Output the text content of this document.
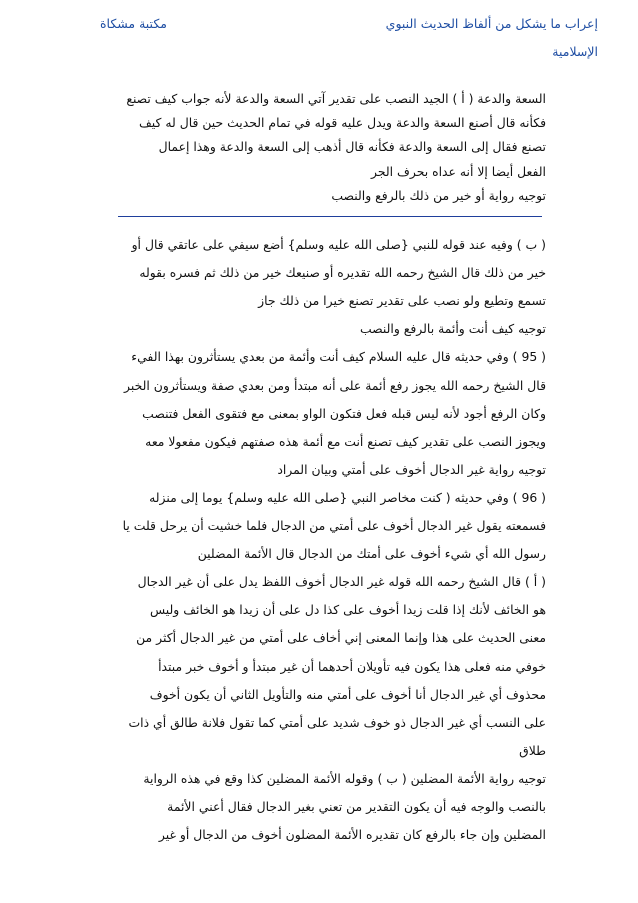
إعراب ما يشكل من ألفاظ الحديث النبوي
مكتبة مشكاة
الإسلامية
السعة والدعة ( أ ) الجيد النصب على تقدير آتي السعة والدعة لأنه جواب كيف تصنع
فكأنه قال أصنع السعة والدعة ويدل عليه قوله في تمام الحديث حين قال له كيف
تصنع فقال إلى السعة والدعة فكأنه قال أذهب إلى السعة والدعة وهذا إعمال
الفعل أيضا إلا أنه عداه بحرف الجر
توجيه رواية أو خير من ذلك بالرفع والنصب
( ب ) وفيه عند قوله للنبي {صلى الله عليه وسلم} أضع سيفي على عاتقي قال أو
خير من ذلك قال الشيخ رحمه الله تقديره أو صنيعك خير من ذلك ثم فسره بقوله
تسمع وتطيع ولو نصب على تقدير تصنع خيرا من ذلك جاز
توجيه كيف أنت وأئمة بالرفع والنصب
( 95 ) وفي حديثه قال عليه السلام كيف أنت وأئمة من بعدي يستأثرون بهذا الفيء
قال الشيخ رحمه الله يجوز رفع أئمة على أنه مبتدأ ومن بعدي صفة ويستأثرون الخبر
وكان الرفع أجود لأنه ليس قبله فعل فتكون الواو بمعنى مع فتقوى الفعل فتنصب
ويجوز النصب على تقدير كيف تصنع أنت مع أئمة هذه صفتهم فيكون مفعولا معه
توجيه رواية غير الدجال أخوف على أمتي وبيان المراد
( 96 ) وفي حديثه ( كنت مخاصر النبي {صلى الله عليه وسلم} يوما إلى منزله
فسمعته يقول غير الدجال أخوف على أمتي من الدجال فلما خشيت أن يرحل قلت يا
رسول الله أي شيء أخوف على أمتك من الدجال قال الأئمة المضلين
( أ ) قال الشيخ رحمه الله قوله غير الدجال أخوف اللفظ يدل على أن غير الدجال
هو الخائف لأنك إذا قلت زيدا أخوف على كذا دل على أن زيدا هو الخائف وليس
معنى الحديث على هذا وإنما المعنى إني أخاف على أمتي من غير الدجال أكثر من
خوفي منه فعلى هذا يكون فيه تأويلان أحدهما أن غير مبتدأ و أخوف خبر مبتدأ
محذوف أي غير الدجال أنا أخوف على أمتي منه والتأويل الثاني أن يكون أخوف
على النسب أي غير الدجال ذو خوف شديد على أمتي كما تقول فلانة طالق أي ذات
طلاق
توجيه رواية الأئمة المضلين ( ب ) وقوله الأئمة المضلين كذا وقع في هذه الرواية
بالنصب والوجه فيه أن يكون التقدير من تعني بغير الدجال فقال أعني الأئمة
المضلين وإن جاء بالرفع كان تقديره الأئمة المضلون أخوف من الدجال أو غير
